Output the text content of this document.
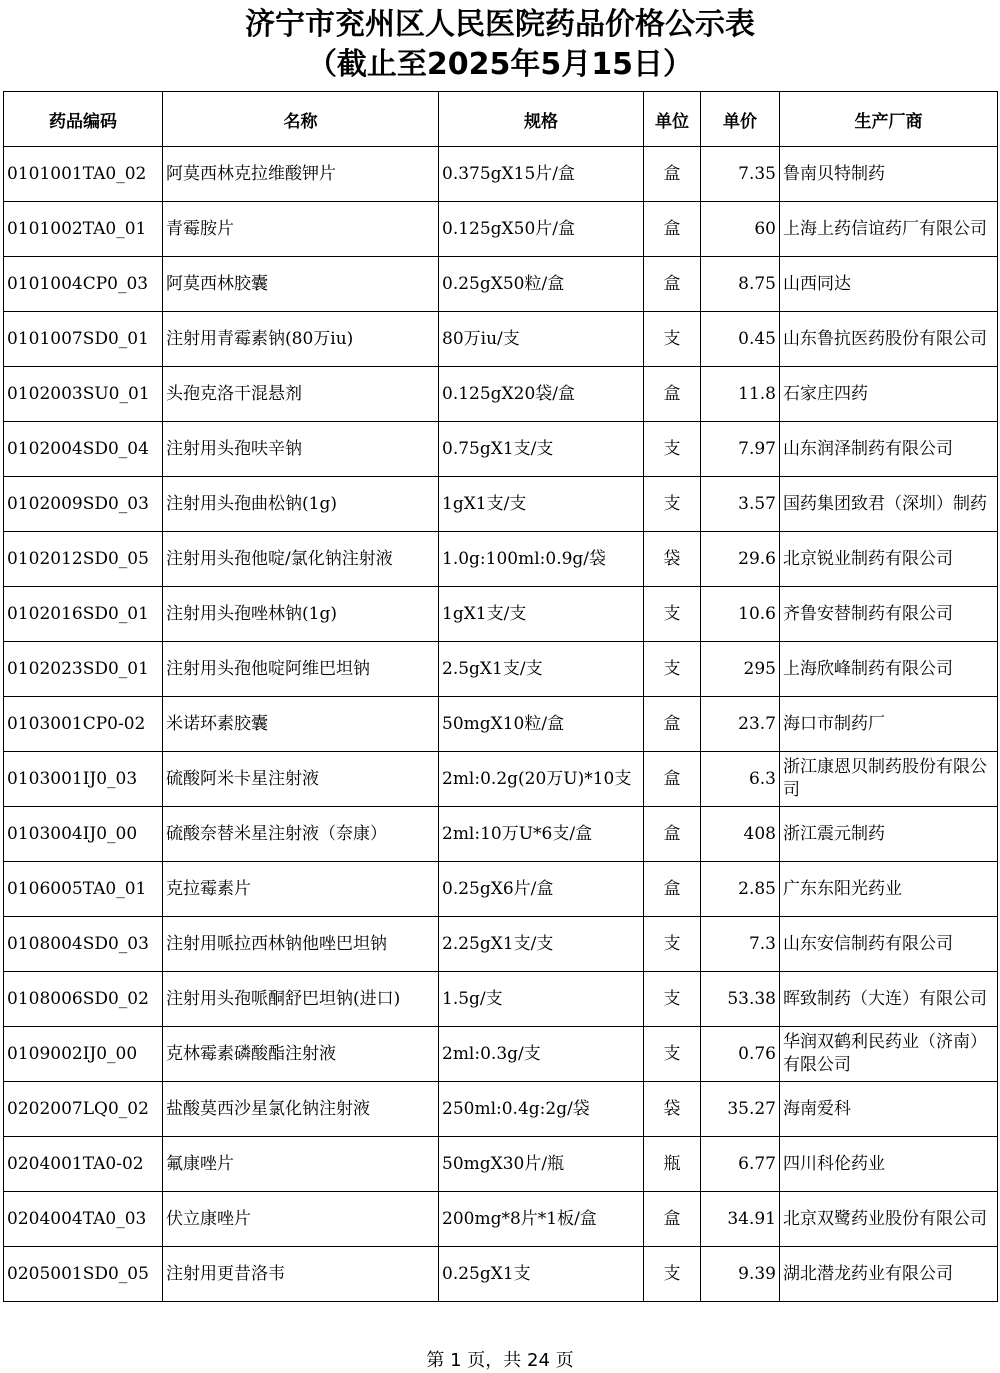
济宁市兖州区人民医院药品价格公示表
（截止至2025年5月15日）
药品编码	名称	规格	单位	单价	生产厂商
0101001TA0_02	阿莫西林克拉维酸钾片	0.375gX15片/盒	盒	7.35	鲁南贝特制药
0101002TA0_01	青霉胺片	0.125gX50片/盒	盒	60	上海上药信谊药厂有限公司
0101004CP0_03	阿莫西林胶囊	0.25gX50粒/盒	盒	8.75	山西同达
0101007SD0_01	注射用青霉素钠(80万iu)	80万iu/支	支	0.45	山东鲁抗医药股份有限公司
0102003SU0_01	头孢克洛干混悬剂	0.125gX20袋/盒	盒	11.8	石家庄四药
0102004SD0_04	注射用头孢呋辛钠	0.75gX1支/支	支	7.97	山东润泽制药有限公司
0102009SD0_03	注射用头孢曲松钠(1g)	1gX1支/支	支	3.57	国药集团致君（深圳）制药
0102012SD0_05	注射用头孢他啶/氯化钠注射液	1.0g:100ml:0.9g/袋	袋	29.6	北京锐业制药有限公司
0102016SD0_01	注射用头孢唑林钠(1g)	1gX1支/支	支	10.6	齐鲁安替制药有限公司
0102023SD0_01	注射用头孢他啶阿维巴坦钠	2.5gX1支/支	支	295	上海欣峰制药有限公司
0103001CP0-02	米诺环素胶囊	50mgX10粒/盒	盒	23.7	海口市制药厂
0103001IJ0_03	硫酸阿米卡星注射液	2ml:0.2g(20万U)*10支	盒	6.3	浙江康恩贝制药股份有限公司
0103004IJ0_00	硫酸奈替米星注射液（奈康）	2ml:10万U*6支/盒	盒	408	浙江震元制药
0106005TA0_01	克拉霉素片	0.25gX6片/盒	盒	2.85	广东东阳光药业
0108004SD0_03	注射用哌拉西林钠他唑巴坦钠	2.25gX1支/支	支	7.3	山东安信制药有限公司
0108006SD0_02	注射用头孢哌酮舒巴坦钠(进口)	1.5g/支	支	53.38	晖致制药（大连）有限公司
0109002IJ0_00	克林霉素磷酸酯注射液	2ml:0.3g/支	支	0.76	华润双鹤利民药业（济南）有限公司
0202007LQ0_02	盐酸莫西沙星氯化钠注射液	250ml:0.4g:2g/袋	袋	35.27	海南爱科
0204001TA0-02	氟康唑片	50mgX30片/瓶	瓶	6.77	四川科伦药业
0204004TA0_03	伏立康唑片	200mg*8片*1板/盒	盒	34.91	北京双鹭药业股份有限公司
0205001SD0_05	注射用更昔洛韦	0.25gX1支	支	9.39	湖北潜龙药业有限公司
第 1 页，共 24 页
